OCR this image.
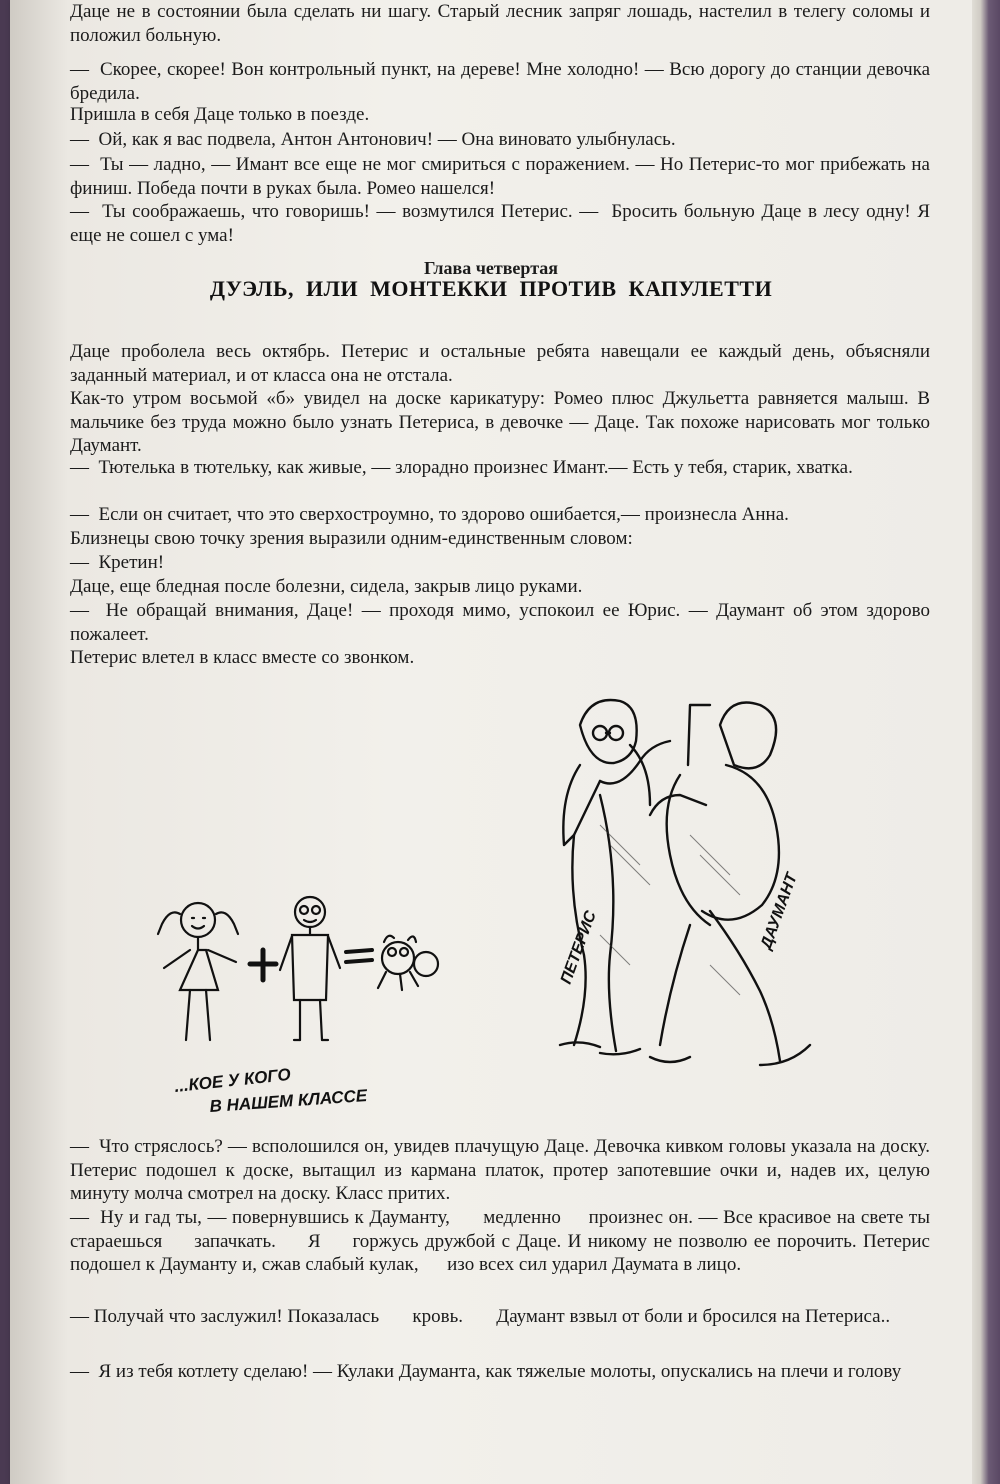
Даце не в состоянии была сделать ни шагу. Старый лесник запряг лошадь, настелил в телегу соломы и положил больную.

—  Скорее, скорее! Вон контрольный пункт, на дереве! Мне холодно! — Всю дорогу до станции девочка бредила.

Пришла в себя Даце только в поезде.

—  Ой, как я вас подвела, Антон Антонович! — Она виновато улыбнулась.

—  Ты — ладно, — Имант все еще не мог смириться с поражением. — Но Петерис-то мог прибежать на финиш. Победа почти в руках была. Ромео нашелся!

—  Ты соображаешь, что говоришь! — возмутился Петерис. —  Бросить больную Даце в лесу одну! Я еще не сошел с ума!

Глава четвертая

ДУЭЛЬ, ИЛИ МОНТЕККИ ПРОТИВ КАПУЛЕТТИ

Даце проболела весь октябрь. Петерис и остальные ребята навещали ее каждый день, объясняли заданный материал, и от класса она не отстала.

Как-то утром восьмой «б» увидел на доске карикатуру: Ромео плюс Джульетта равняется малыш. В мальчике без труда можно было узнать Петериса, в девочке — Даце. Так похоже нарисовать мог только Даумант.

—  Тютелька в тютельку, как живые, — злорадно произнес Имант.— Есть у тебя, старик, хватка.

—  Если он считает, что это сверхостроумно, то здорово ошибается,— произнесла Анна.

Близнецы свою точку зрения выразили одним-единственным словом:

—  Кретин!

Даце, еще бледная после болезни, сидела, закрыв лицо руками.

—  Не обращай внимания, Даце! — проходя мимо, успокоил ее Юрис. — Даумант об этом здорово пожалеет.

Петерис влетел в класс вместе со звонком.

...КОЕ У КОГО
В НАШЕМ КЛАССЕ
ПЕТЕРИС	ДАУМАНТ

—  Что стряслось? — всполошился он, увидев плачущую Даце. Девочка кивком головы указала на доску. Петерис подошел к доске, вытащил из кармана платок, протер запотевшие очки и, надев их, целую минуту молча смотрел на доску. Класс притих.

—  Ну и гад ты, — повернувшись к Дауманту,      медленно     произнес он. — Все красивое на свете ты стараешься     запачкать.     Я     горжусь дружбой с Даце. И никому не позволю ее порочить. Петерис подошел к Дауманту и, сжав слабый кулак,      изо всех сил ударил Даумата в лицо.

— Получай что заслужил! Показалась       кровь.       Даумант взвыл от боли и бросился на Петериса..

—  Я из тебя котлету сделаю! — Кулаки Дауманта, как тяжелые молоты, опускались на плечи и голову
